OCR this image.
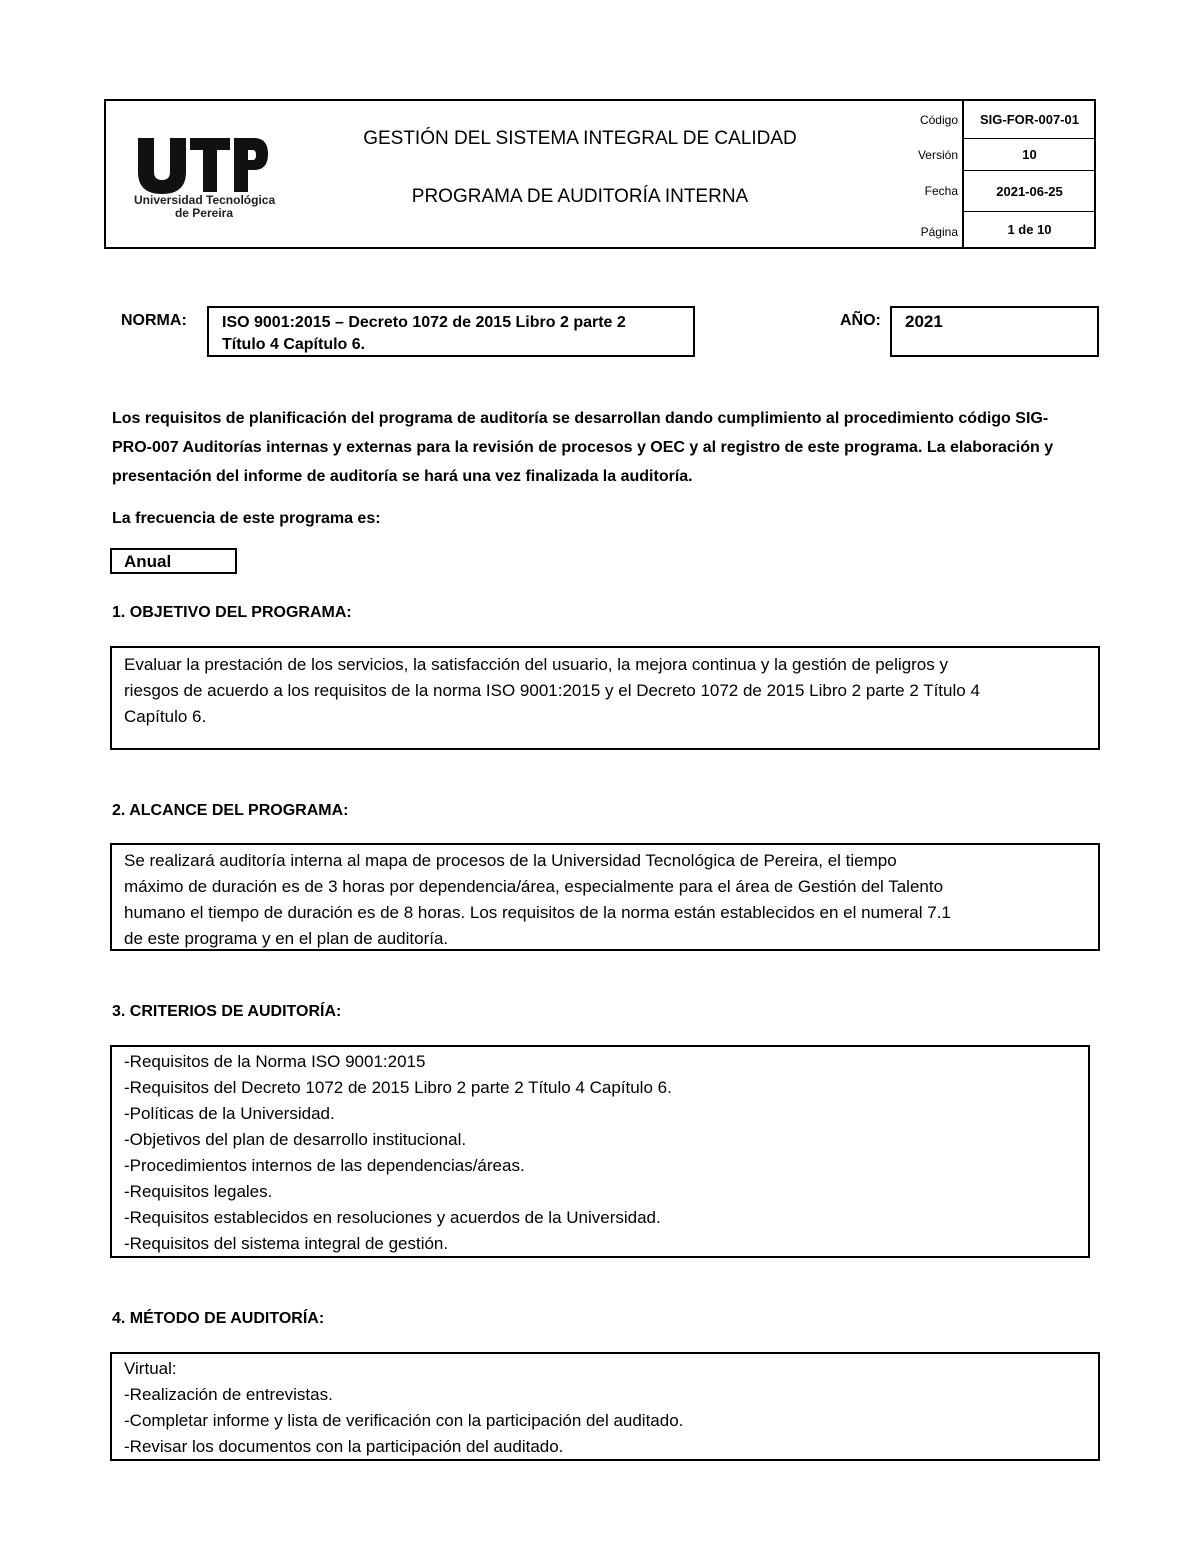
Universidad Tecnológica
de Pereira
GESTIÓN DEL SISTEMA INTEGRAL DE CALIDAD
PROGRAMA DE AUDITORÍA INTERNA
Código
Versión
Fecha
Página
SIG-FOR-007-01
10
2021-06-25
1 de 10
NORMA: ISO 9001:2015 – Decreto 1072 de 2015 Libro 2 parte 2
Título 4 Capítulo 6.
AÑO: 2021
Los requisitos de planificación del programa de auditoría se desarrollan dando cumplimiento al procedimiento código SIG-
PRO-007 Auditorías internas y externas para la revisión de procesos y OEC y al registro de este programa. La elaboración y
presentación del informe de auditoría se hará una vez finalizada la auditoría.
La frecuencia de este programa es:
Anual
1. OBJETIVO DEL PROGRAMA:
Evaluar la prestación de los servicios, la satisfacción del usuario, la mejora continua y la gestión de peligros y
riesgos de acuerdo a los requisitos de la norma ISO 9001:2015 y el Decreto 1072 de 2015 Libro 2 parte 2 Título 4
Capítulo 6.
2. ALCANCE DEL PROGRAMA:
Se realizará auditoría interna al mapa de procesos de la Universidad Tecnológica de Pereira, el tiempo
máximo de duración es de 3 horas por dependencia/área, especialmente para el área de Gestión del Talento
humano el tiempo de duración es de 8 horas. Los requisitos de la norma están establecidos en el numeral 7.1
de este programa y en el plan de auditoría.
3. CRITERIOS DE AUDITORÍA:
-Requisitos de la Norma ISO 9001:2015
-Requisitos del Decreto 1072 de 2015 Libro 2 parte 2 Título 4 Capítulo 6.
-Políticas de la Universidad.
-Objetivos del plan de desarrollo institucional.
-Procedimientos internos de las dependencias/áreas.
-Requisitos legales.
-Requisitos establecidos en resoluciones y acuerdos de la Universidad.
-Requisitos del sistema integral de gestión.
4. MÉTODO DE AUDITORÍA:
Virtual:
-Realización de entrevistas.
-Completar informe y lista de verificación con la participación del auditado.
-Revisar los documentos con la participación del auditado.
